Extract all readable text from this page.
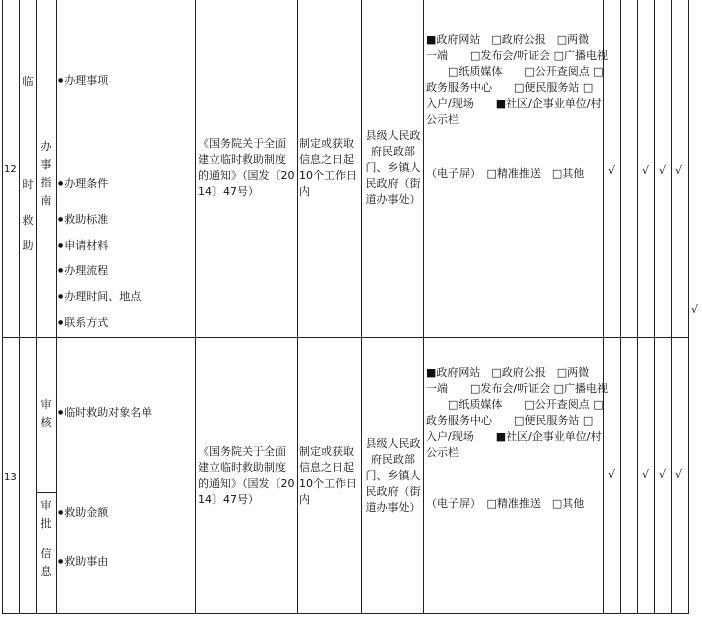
12
临
时
救
助
办
事
指
南
● 办理事项
● 办理条件
● 救助标准
● 申请材料
● 办理流程
● 办理时间、地点
● 联系方式
《国务院关于全面建立临时救助制度的通知》（国发〔2014〕47号）
制定或获取信息之日起10个工作日内
县级人民政府民政部门、乡镇人民政府（街道办事处）
■政府网站　□政府公报　□两微
一端　　□发布会/听证会 □广播电视
　　□纸质媒体　　□公开查阅点 □
政务服务中心　　□便民服务站 □
入户/现场　　■社区/企事业单位/村
公示栏
（电子屏）　□精准推送　□其他 √ √ √ √
√
13
审
核
审
批
信
息
● 临时救助对象名单
● 救助金额
● 救助事由
《国务院关于全面建立临时救助制度的通知》（国发〔2014〕47号）
制定或获取信息之日起10个工作日内
县级人民政府民政部门、乡镇人民政府（街道办事处）
■政府网站　□政府公报　□两微
一端　　□发布会/听证会 □广播电视
　　□纸质媒体　　□公开查阅点 □
政务服务中心　　□便民服务站 □
入户/现场　　■社区/企事业单位/村
公示栏
（电子屏）　□精准推送　□其他
√ √ √ √
